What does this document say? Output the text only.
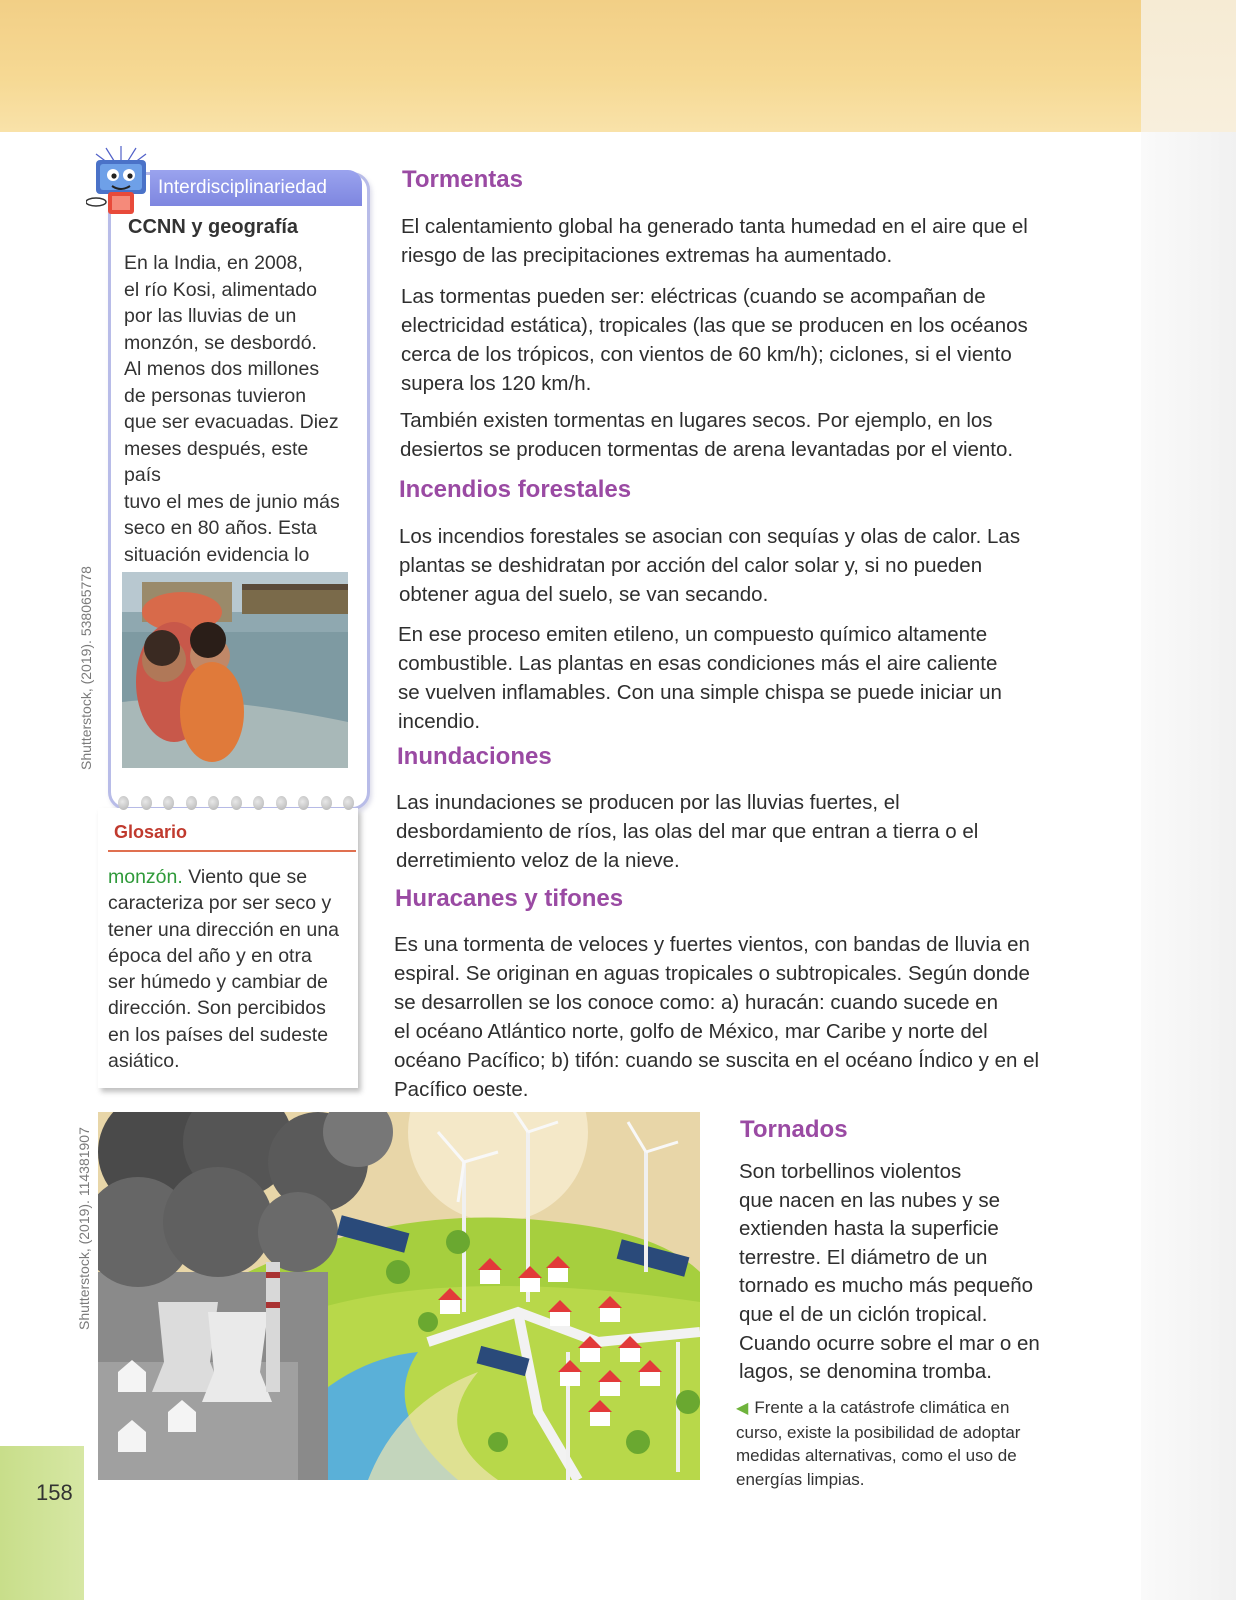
Shutterstock, (2019). 538065778
Shutterstock, (2019). 114381907
Interdisciplinariedad
CCNN y geografía
En la India, en 2008,
el río Kosi, alimentado
por las lluvias de un
monzón, se desbordó.
Al menos dos millones
de personas tuvieron
que ser evacuadas. Diez
meses después, este país
tuvo el mes de junio más
seco en 80 años. Esta
situación evidencia lo
Glosario
monzón. Viento que se
caracteriza por ser seco y
tener una dirección en una
época del año y en otra
ser húmedo y cambiar de
dirección. Son percibidos
en los países del sudeste
asiático.
Tormentas
El calentamiento global ha generado tanta humedad en el aire que el
riesgo de las precipitaciones extremas ha aumentado.
Las tormentas pueden ser: eléctricas (cuando se acompañan de
electricidad estática), tropicales (las que se producen en los océanos
cerca de los trópicos, con vientos de 60 km/h); ciclones, si el viento
supera los 120 km/h.
También existen tormentas en lugares secos. Por ejemplo, en los
desiertos se producen tormentas de arena levantadas por el viento.
Incendios forestales
Los incendios forestales se asocian con sequías y olas de calor. Las
plantas se deshidratan por acción del calor solar y, si no pueden
obtener agua del suelo, se van secando.
En ese proceso emiten etileno, un compuesto químico altamente
combustible. Las plantas en esas condiciones más el aire caliente
se vuelven inflamables. Con una simple chispa se puede iniciar un
incendio.
Inundaciones
Las inundaciones se producen por las lluvias fuertes, el
desbordamiento de ríos, las olas del mar que entran a tierra o el
derretimiento veloz de la nieve.
Huracanes y tifones
Es una tormenta de veloces y fuertes vientos, con bandas de lluvia en
espiral. Se originan en aguas tropicales o subtropicales. Según donde
se desarrollen se los conoce como: a) huracán: cuando sucede en
el océano Atlántico norte, golfo de México, mar Caribe y norte del
océano Pacífico; b) tifón: cuando se suscita en el océano Índico y en el
Pacífico oeste.
Tornados
Son torbellinos violentos
que nacen en las nubes y se
extienden hasta la superficie
terrestre. El diámetro de un
tornado es mucho más pequeño
que el de un ciclón tropical.
Cuando ocurre sobre el mar o en
lagos, se denomina tromba.
◀ Frente a la catástrofe climática en
curso, existe la posibilidad de adoptar
medidas alternativas, como el uso de
energías limpias.
158
